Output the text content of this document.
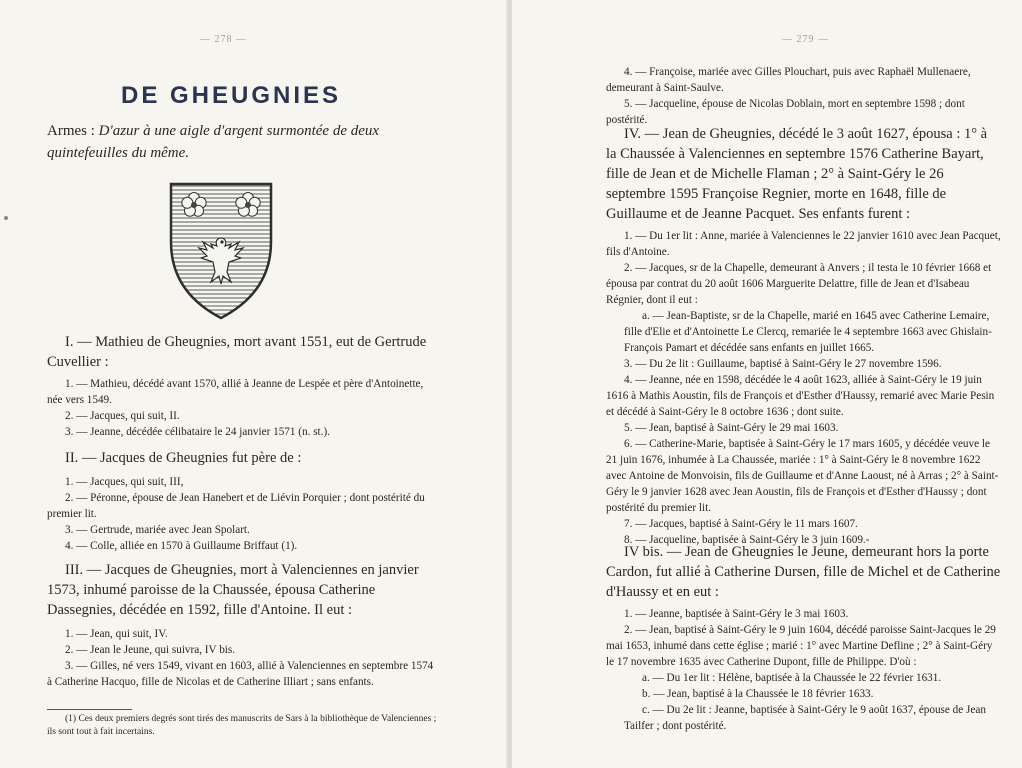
— 278 —
DE GHEUGNIES

Armes : D'azur à une aigle d'argent surmontée de deux quintefeuilles du même.

I. — Mathieu de Gheugnies, mort avant 1551, eut de Gertrude Cuvellier :

1. — Mathieu, décédé avant 1570, allié à Jeanne de Lespée et père d'Antoinette, née vers 1549.

2. — Jacques, qui suit, II.

3. — Jeanne, décédée célibataire le 24 janvier 1571 (n. st.).

II. — Jacques de Gheugnies fut père de :

1. — Jacques, qui suit, III,

2. — Péronne, épouse de Jean Hanebert et de Liévin Porquier ; dont postérité du premier lit.

3. — Gertrude, mariée avec Jean Spolart.

4. — Colle, alliée en 1570 à Guillaume Briffaut (1).

III. — Jacques de Gheugnies, mort à Valenciennes en janvier 1573, inhumé paroisse de la Chaussée, épousa Catherine Dassegnies, décédée en 1592, fille d'Antoine. Il eut :

1. — Jean, qui suit, IV.

2. — Jean le Jeune, qui suivra, IV bis.

3. — Gilles, né vers 1549, vivant en 1603, allié à Valenciennes en septembre 1574 à Catherine Hacquo, fille de Nicolas et de Catherine Illiart ; sans enfants.

(1) Ces deux premiers degrés sont tirés des manuscrits de Sars à la bibliothèque de Valenciennes ; ils sont tout à fait incertains.

— 279 —

4. — Françoise, mariée avec Gilles Plouchart, puis avec Raphaël Mullenaere, demeurant à Saint-Saulve.

5. — Jacqueline, épouse de Nicolas Doblain, mort en septembre 1598 ; dont postérité.

IV. — Jean de Gheugnies, décédé le 3 août 1627, épousa : 1° à la Chaussée à Valenciennes en septembre 1576 Catherine Bayart, fille de Jean et de Michelle Flaman ; 2° à Saint-Géry le 26 septembre 1595 Françoise Regnier, morte en 1648, fille de Guillaume et de Jeanne Pacquet. Ses enfants furent :

1. — Du 1er lit : Anne, mariée à Valenciennes le 22 janvier 1610 avec Jean Pacquet, fils d'Antoine.

2. — Jacques, sr de la Chapelle, demeurant à Anvers ; il testa le 10 février 1668 et épousa par contrat du 20 août 1606 Marguerite Delattre, fille de Jean et d'Isabeau Régnier, dont il eut :

a. — Jean-Baptiste, sr de la Chapelle, marié en 1645 avec Catherine Lemaire, fille d'Elie et d'Antoinette Le Clercq, remariée le 4 septembre 1663 avec Ghislain-François Pamart et décédée sans enfants en juillet 1665.

3. — Du 2e lit : Guillaume, baptisé à Saint-Géry le 27 novembre 1596.

4. — Jeanne, née en 1598, décédée le 4 août 1623, alliée à Saint-Géry le 19 juin 1616 à Mathis Aoustin, fils de François et d'Esther d'Haussy, remarié avec Marie Pesin et décédé à Saint-Géry le 8 octobre 1636 ; dont suite.

5. — Jean, baptisé à Saint-Géry le 29 mai 1603.

6. — Catherine-Marie, baptisée à Saint-Géry le 17 mars 1605, y décédée veuve le 21 juin 1676, inhumée à La Chaussée, mariée : 1° à Saint-Géry le 8 novembre 1622 avec Antoine de Monvoisin, fils de Guillaume et d'Anne Laoust, né à Arras ; 2° à Saint-Géry le 9 janvier 1628 avec Jean Aoustin, fils de François et d'Esther d'Haussy ; dont postérité du premier lit.

7. — Jacques, baptisé à Saint-Géry le 11 mars 1607.

8. — Jacqueline, baptisée à Saint-Géry le 3 juin 1609.-

IV bis. — Jean de Gheugnies le Jeune, demeurant hors la porte Cardon, fut allié à Catherine Dursen, fille de Michel et de Catherine d'Haussy et en eut :

1. — Jeanne, baptisée à Saint-Géry le 3 mai 1603.

2. — Jean, baptisé à Saint-Géry le 9 juin 1604, décédé paroisse Saint-Jacques le 29 mai 1653, inhumé dans cette église ; marié : 1° avec Martine Defline ; 2° à Saint-Géry le 17 novembre 1635 avec Catherine Dupont, fille de Philippe. D'où :

a. — Du 1er lit : Hélène, baptisée à la Chaussée le 22 février 1631.

b. — Jean, baptisé à la Chaussée le 18 février 1633.

c. — Du 2e lit : Jeanne, baptisée à Saint-Géry le 9 août 1637, épouse de Jean Tailfer ; dont postérité.
